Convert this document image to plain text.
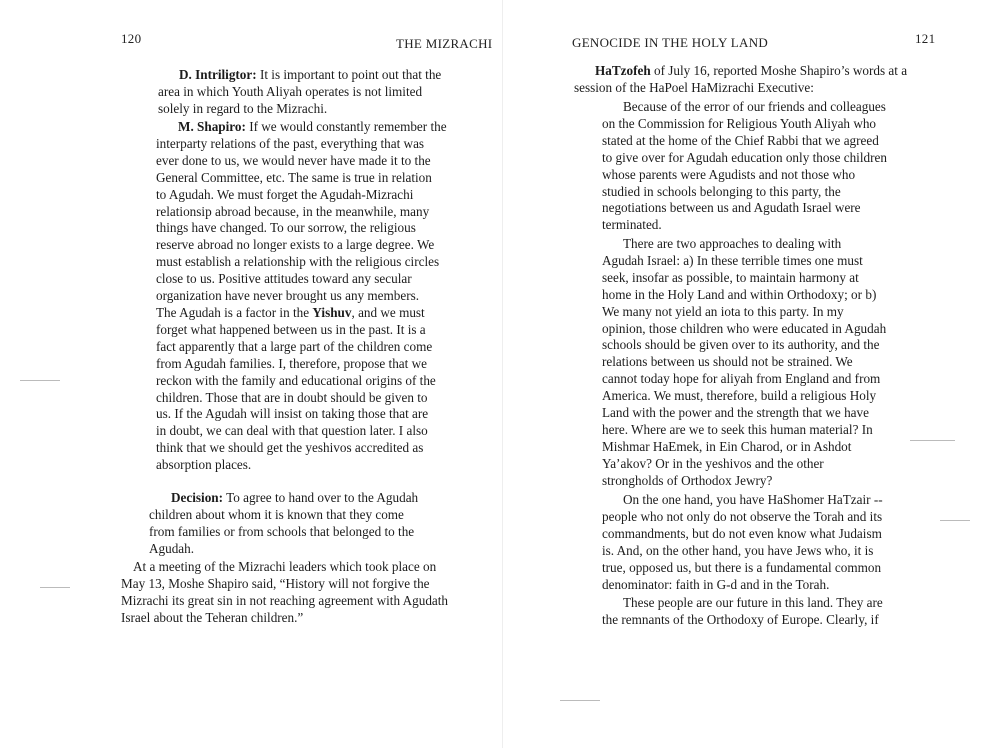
120	THE MIZRACHI
D. Intriligtor: It is important to point out that the
area in which Youth Aliyah operates is not limited
solely in regard to the Mizrachi.
M. Shapiro: If we would constantly remember the
interparty relations of the past, everything that was
ever done to us, we would never have made it to the
General Committee, etc. The same is true in relation
to Agudah. We must forget the Agudah-Mizrachi
relationsip abroad because, in the meanwhile, many
things have changed. To our sorrow, the religious
reserve abroad no longer exists to a large degree. We
must establish a relationship with the religious circles
close to us. Positive attitudes toward any secular
organization have never brought us any members.
The Agudah is a factor in the Yishuv, and we must
forget what happened between us in the past. It is a
fact apparently that a large part of the children come
from Agudah families. I, therefore, propose that we
reckon with the family and educational origins of the
children. Those that are in doubt should be given to
us. If the Agudah will insist on taking those that are
in doubt, we can deal with that question later. I also
think that we should get the yeshivos accredited as
absorption places.
Decision: To agree to hand over to the Agudah
children about whom it is known that they come
from families or from schools that belonged to the
Agudah.
At a meeting of the Mizrachi leaders which took place on
May 13, Moshe Shapiro said, “History will not forgive the
Mizrachi its great sin in not reaching agreement with Agudath
Israel about the Teheran children.”
GENOCIDE IN THE HOLY LAND	121
HaTzofeh of July 16, reported Moshe Shapiro’s words at a
session of the HaPoel HaMizrachi Executive:
Because of the error of our friends and colleagues
on the Commission for Religious Youth Aliyah who
stated at the home of the Chief Rabbi that we agreed
to give over for Agudah education only those children
whose parents were Agudists and not those who
studied in schools belonging to this party, the
negotiations between us and Agudath Israel were
terminated.
There are two approaches to dealing with
Agudah Israel: a) In these terrible times one must
seek, insofar as possible, to maintain harmony at
home in the Holy Land and within Orthodoxy; or b)
We many not yield an iota to this party. In my
opinion, those children who were educated in Agudah
schools should be given over to its authority, and the
relations between us should not be strained. We
cannot today hope for aliyah from England and from
America. We must, therefore, build a religious Holy
Land with the power and the strength that we have
here. Where are we to seek this human material? In
Mishmar HaEmek, in Ein Charod, or in Ashdot
Ya’akov? Or in the yeshivos and the other
strongholds of Orthodox Jewry?
On the one hand, you have HaShomer HaTzair --
people who not only do not observe the Torah and its
commandments, but do not even know what Judaism
is. And, on the other hand, you have Jews who, it is
true, opposed us, but there is a fundamental common
denominator: faith in G-d and in the Torah.
These people are our future in this land. They are
the remnants of the Orthodoxy of Europe. Clearly, if
